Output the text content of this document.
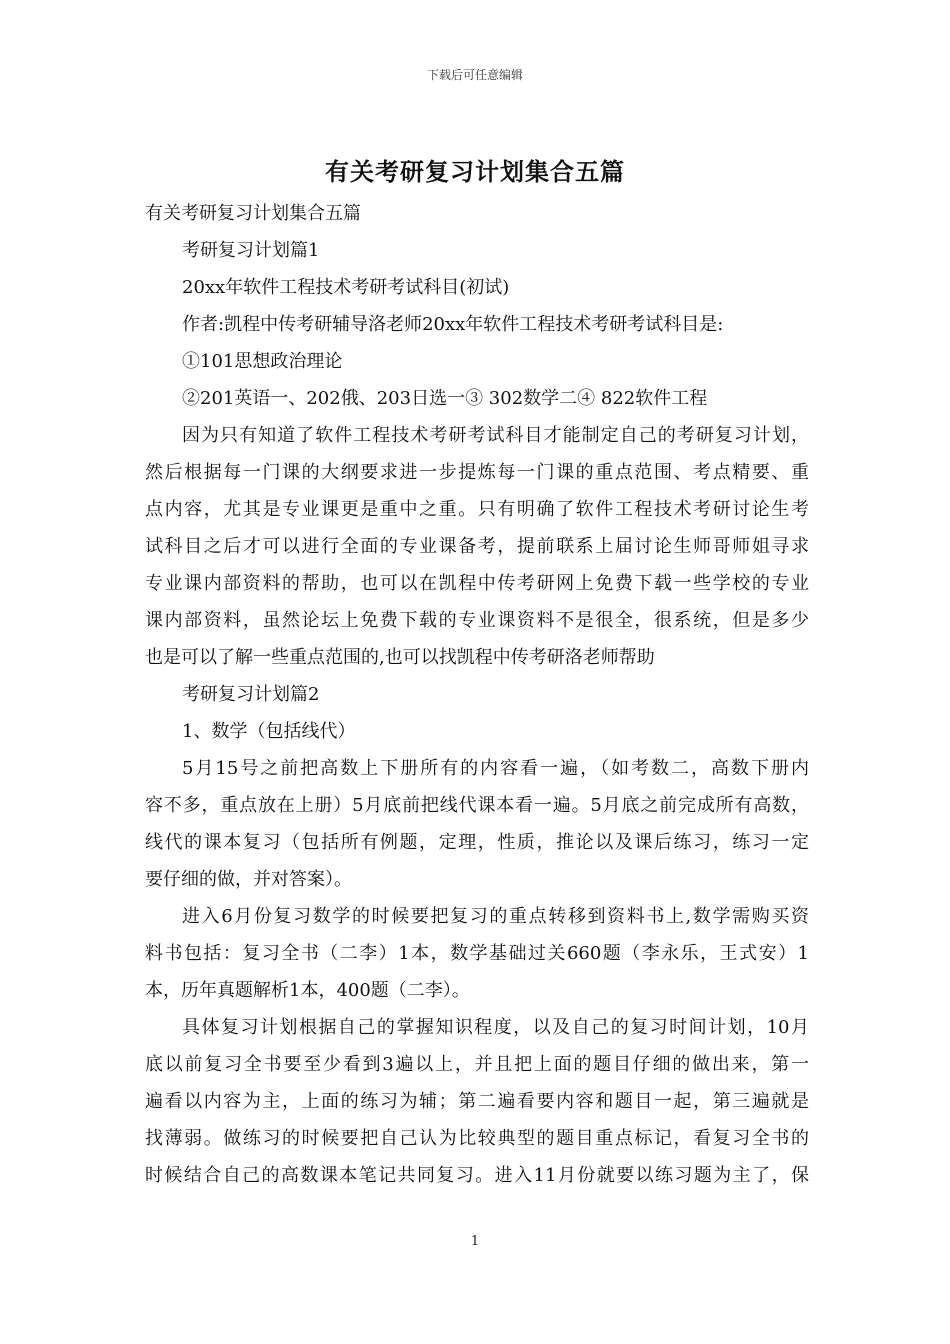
下载后可任意编辑
有关考研复习计划集合五篇
有关考研复习计划集合五篇
考研复习计划篇1
20xx年软件工程技术考研考试科目(初试)
作者:凯程中传考研辅导洛老师20xx年软件工程技术考研考试科目是:
①101思想政治理论
②201英语一、202俄、203日选一③ 302数学二④ 822软件工程
因为只有知道了软件工程技术考研考试科目才能制定自己的考研复习计划，
然后根据每一门课的大纲要求进一步提炼每一门课的重点范围、考点精要、重
点内容，尤其是专业课更是重中之重。只有明确了软件工程技术考研讨论生考
试科目之后才可以进行全面的专业课备考，提前联系上届讨论生师哥师姐寻求
专业课内部资料的帮助，也可以在凯程中传考研网上免费下载一些学校的专业
课内部资料，虽然论坛上免费下载的专业课资料不是很全，很系统，但是多少
也是可以了解一些重点范围的,也可以找凯程中传考研洛老师帮助
考研复习计划篇2
1、数学（包括线代）
5月15号之前把高数上下册所有的内容看一遍，（如考数二，高数下册内
容不多，重点放在上册）5月底前把线代课本看一遍。5月底之前完成所有高数，
线代的课本复习（包括所有例题，定理，性质，推论以及课后练习，练习一定
要仔细的做，并对答案）。
进入6月份复习数学的时候要把复习的重点转移到资料书上,数学需购买资
料书包括：复习全书（二李）1本，数学基础过关660题（李永乐，王式安）1
本，历年真题解析1本，400题（二李）。
具体复习计划根据自己的掌握知识程度，以及自己的复习时间计划，10月
底以前复习全书要至少看到3遍以上，并且把上面的题目仔细的做出来，第一
遍看以内容为主，上面的练习为辅；第二遍看要内容和题目一起，第三遍就是
找薄弱。做练习的时候要把自己认为比较典型的题目重点标记，看复习全书的
时候结合自己的高数课本笔记共同复习。进入11月份就要以练习题为主了，保
1
